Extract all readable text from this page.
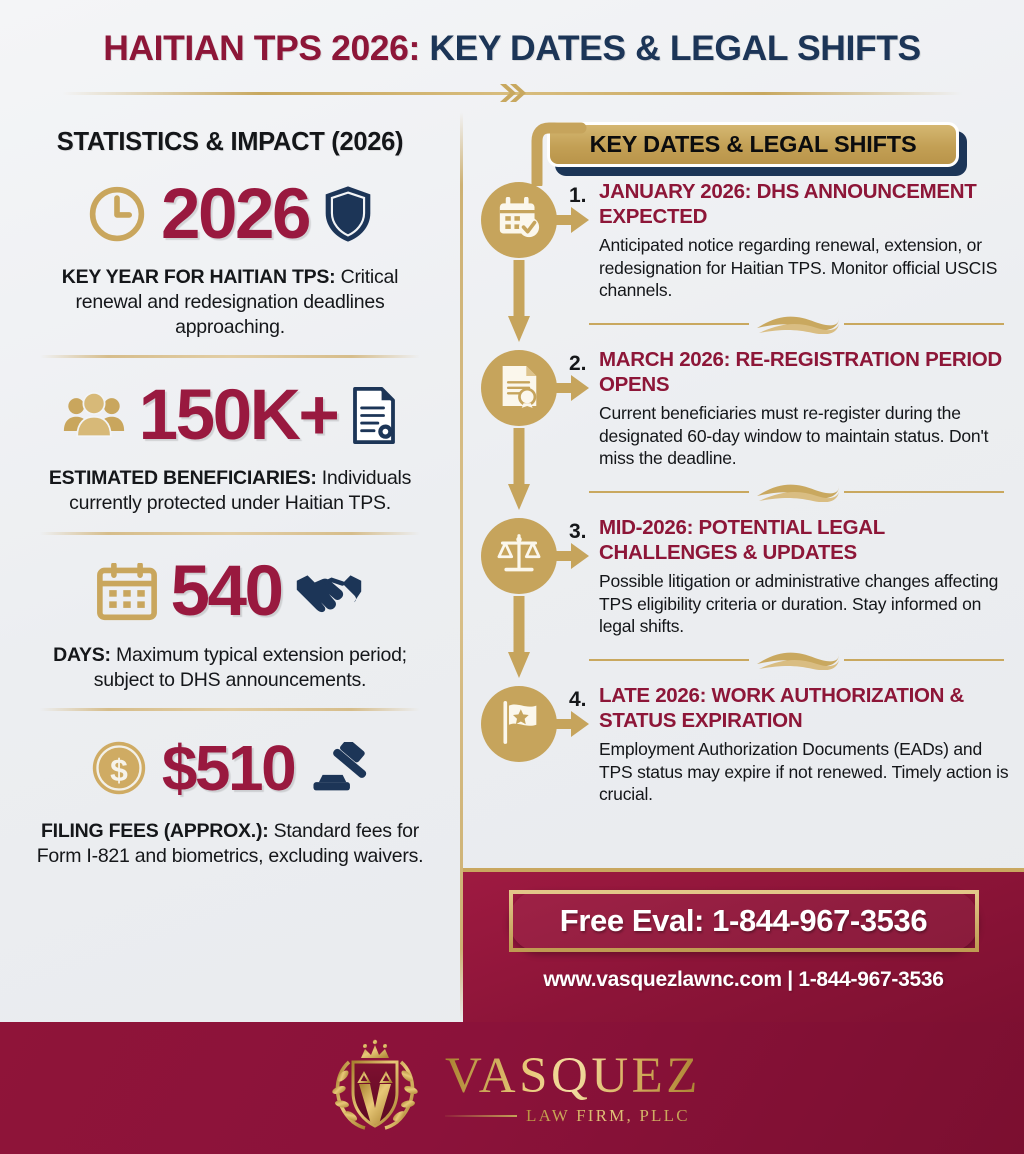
HAITIAN TPS 2026: KEY DATES & LEGAL SHIFTS
STATISTICS & IMPACT (2026)
2026
KEY YEAR FOR HAITIAN TPS: Critical renewal and redesignation deadlines approaching.
150K+
ESTIMATED BENEFICIARIES: Individuals currently protected under Haitian TPS.
540
DAYS: Maximum typical extension period; subject to DHS announcements.
$ $510
FILING FEES (APPROX.): Standard fees for Form I-821 and biometrics, excluding waivers.
KEY DATES & LEGAL SHIFTS
1. JANUARY 2026: DHS ANNOUNCEMENT EXPECTED
Anticipated notice regarding renewal, extension, or redesignation for Haitian TPS. Monitor official USCIS channels.
2. MARCH 2026: RE-REGISTRATION PERIOD OPENS
Current beneficiaries must re-register during the designated 60-day window to maintain status. Don't miss the deadline.
3. MID-2026: POTENTIAL LEGAL CHALLENGES & UPDATES
Possible litigation or administrative changes affecting TPS eligibility criteria or duration. Stay informed on legal shifts.
4. LATE 2026: WORK AUTHORIZATION & STATUS EXPIRATION
Employment Authorization Documents (EADs) and TPS status may expire if not renewed. Timely action is crucial.
Free Eval: 1-844-967-3536
www.vasquezlawnc.com | 1-844-967-3536
VASQUEZ
LAW FIRM, PLLC
